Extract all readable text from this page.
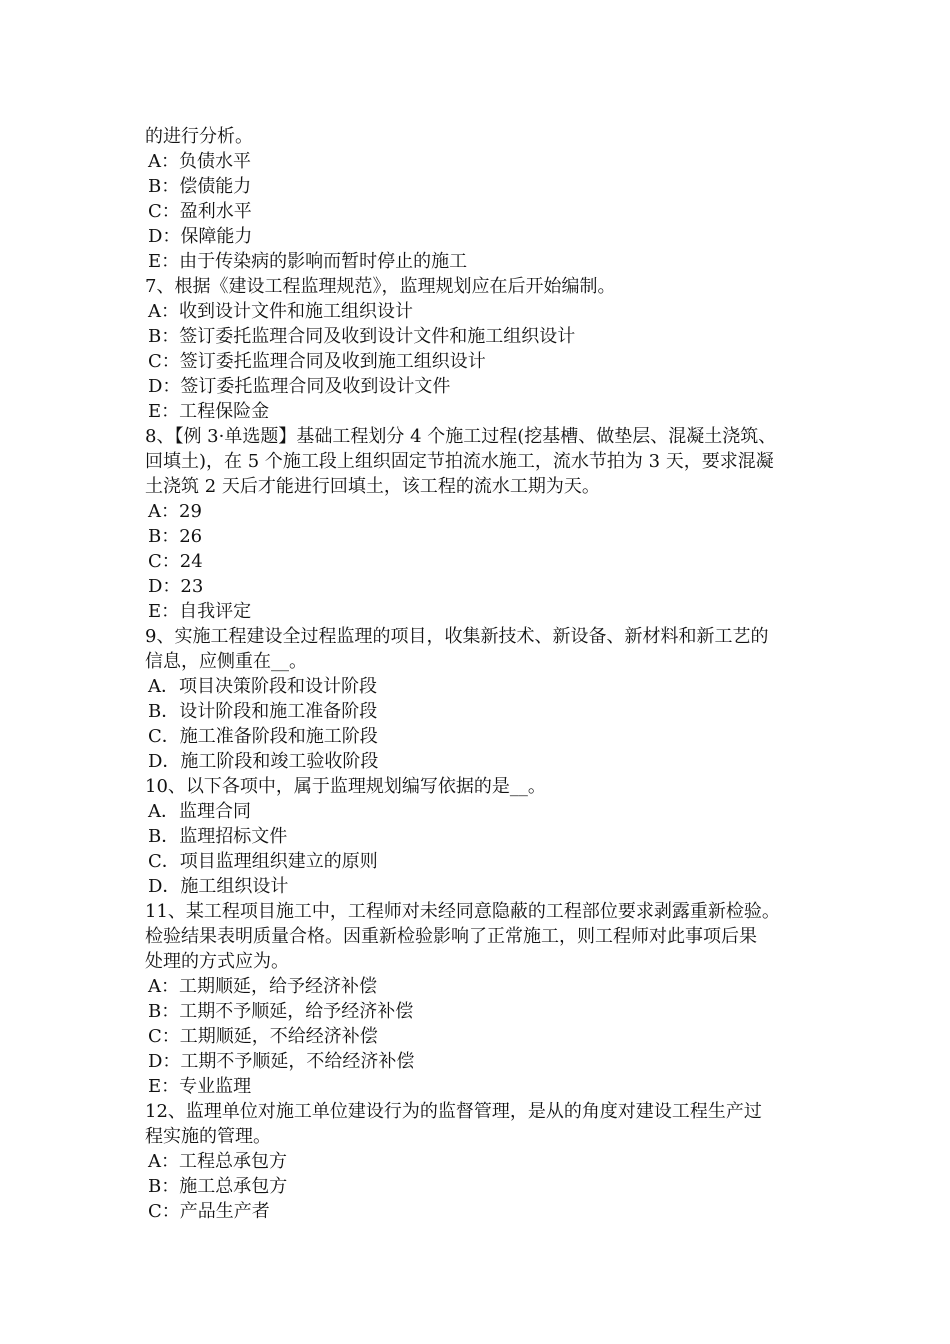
的进行分析。
A：负债水平
B：偿债能力
C：盈利水平
D：保障能力
E：由于传染病的影响而暂时停止的施工
7、根据《建设工程监理规范》，监理规划应在后开始编制。
A：收到设计文件和施工组织设计
B：签订委托监理合同及收到设计文件和施工组织设计
C：签订委托监理合同及收到施工组织设计
D：签订委托监理合同及收到设计文件
E：工程保险金
8、【例 3·单选题】基础工程划分 4 个施工过程(挖基槽、做垫层、混凝土浇筑、
回填土)，在 5 个施工段上组织固定节拍流水施工，流水节拍为 3 天，要求混凝
土浇筑 2 天后才能进行回填土，该工程的流水工期为天。
A：29
B：26
C：24
D：23
E：自我评定
9、实施工程建设全过程监理的项目，收集新技术、新设备、新材料和新工艺的
信息，应侧重在__。
A．项目决策阶段和设计阶段
B．设计阶段和施工准备阶段
C．施工准备阶段和施工阶段
D．施工阶段和竣工验收阶段
10、以下各项中，属于监理规划编写依据的是__。
A．监理合同
B．监理招标文件
C．项目监理组织建立的原则
D．施工组织设计
11、某工程项目施工中，工程师对未经同意隐蔽的工程部位要求剥露重新检验。
检验结果表明质量合格。因重新检验影响了正常施工，则工程师对此事项后果
处理的方式应为。
A：工期顺延，给予经济补偿
B：工期不予顺延，给予经济补偿
C：工期顺延，不给经济补偿
D：工期不予顺延，不给经济补偿
E：专业监理
12、监理单位对施工单位建设行为的监督管理，是从的角度对建设工程生产过
程实施的管理。
A：工程总承包方
B：施工总承包方
C：产品生产者
